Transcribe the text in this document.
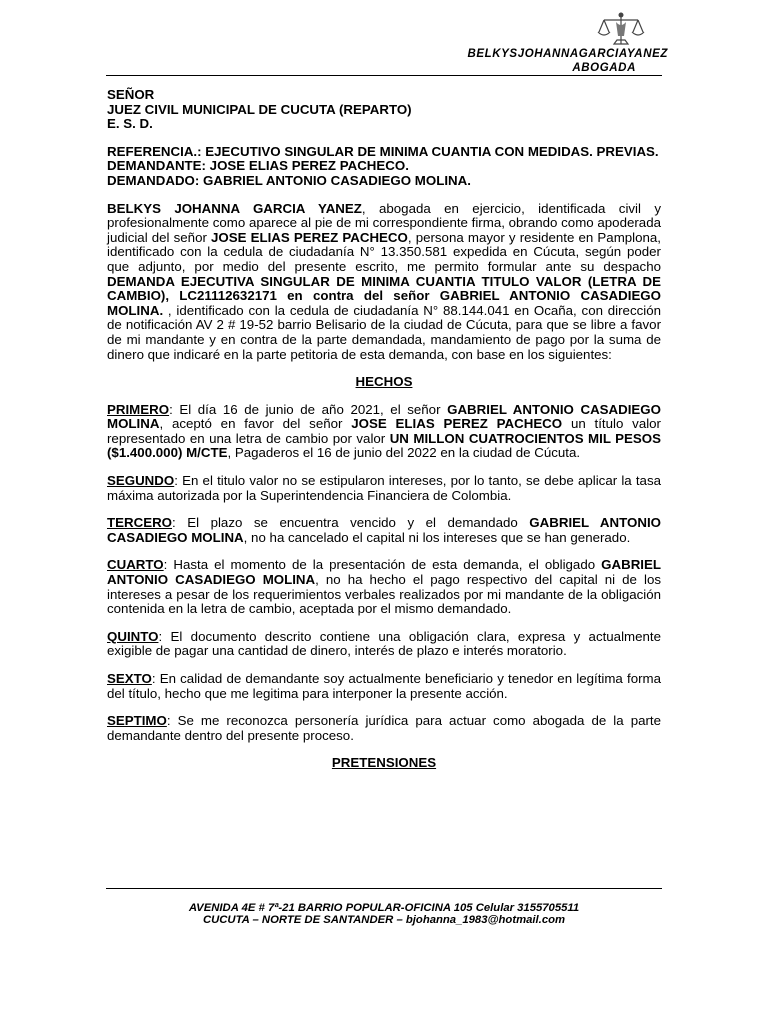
BELKYSJOHANNAGARCIAYANEZ
ABOGADA

SEÑOR

JUEZ CIVIL MUNICIPAL DE CUCUTA (REPARTO)

E. S. D.

REFERENCIA.: EJECUTIVO SINGULAR DE MINIMA CUANTIA CON MEDIDAS. PREVIAS.

DEMANDANTE: JOSE ELIAS PEREZ PACHECO.

DEMANDADO: GABRIEL ANTONIO CASADIEGO MOLINA.

BELKYS JOHANNA GARCIA YANEZ, abogada en ejercicio, identificada civil y profesionalmente como aparece al pie de mi correspondiente firma, obrando como apoderada judicial del señor JOSE ELIAS PEREZ PACHECO, persona mayor y residente en Pamplona, identificado con la cedula de ciudadanía N° 13.350.581 expedida en Cúcuta, según poder que adjunto, por medio del presente escrito, me permito formular ante su despacho DEMANDA EJECUTIVA SINGULAR DE MINIMA CUANTIA TITULO VALOR (LETRA DE CAMBIO), LC21112632171 en contra del señor GABRIEL ANTONIO CASADIEGO MOLINA. , identificado con la cedula de ciudadanía N° 88.144.041 en Ocaña, con dirección de notificación AV 2 # 19-52 barrio Belisario de la ciudad de Cúcuta, para que se libre a favor de mi mandante y en contra de la parte demandada, mandamiento de pago por la suma de dinero que indicaré en la parte petitoria de esta demanda, con base en los siguientes:

HECHOS

PRIMERO: El día 16 de junio de año 2021, el señor GABRIEL ANTONIO CASADIEGO MOLINA, aceptó en favor del señor JOSE ELIAS PEREZ PACHECO un título valor representado en una letra de cambio por valor UN MILLON CUATROCIENTOS MIL PESOS ($1.400.000) M/CTE, Pagaderos el 16 de junio del 2022 en la ciudad de Cúcuta.

SEGUNDO: En el titulo valor no se estipularon intereses, por lo tanto, se debe aplicar la tasa máxima autorizada por la Superintendencia Financiera de Colombia.

TERCERO: El plazo se encuentra vencido y el demandado GABRIEL ANTONIO CASADIEGO MOLINA, no ha cancelado el capital ni los intereses que se han generado.

CUARTO: Hasta el momento de la presentación de esta demanda, el obligado GABRIEL ANTONIO CASADIEGO MOLINA, no ha hecho el pago respectivo del capital ni de los intereses a pesar de los requerimientos verbales realizados por mi mandante de la obligación contenida en la letra de cambio, aceptada por el mismo demandado.

QUINTO: El documento descrito contiene una obligación clara, expresa y actualmente exigible de pagar una cantidad de dinero, interés de plazo e interés moratorio.

SEXTO: En calidad de demandante soy actualmente beneficiario y tenedor en legítima forma del título, hecho que me legitima para interponer la presente acción.

SEPTIMO: Se me reconozca personería jurídica para actuar como abogada de la parte demandante dentro del presente proceso.

PRETENSIONES
AVENIDA 4E # 7ª-21 BARRIO POPULAR-OFICINA 105 Celular 3155705511
CUCUTA – NORTE DE SANTANDER – bjohanna_1983@hotmail.com
